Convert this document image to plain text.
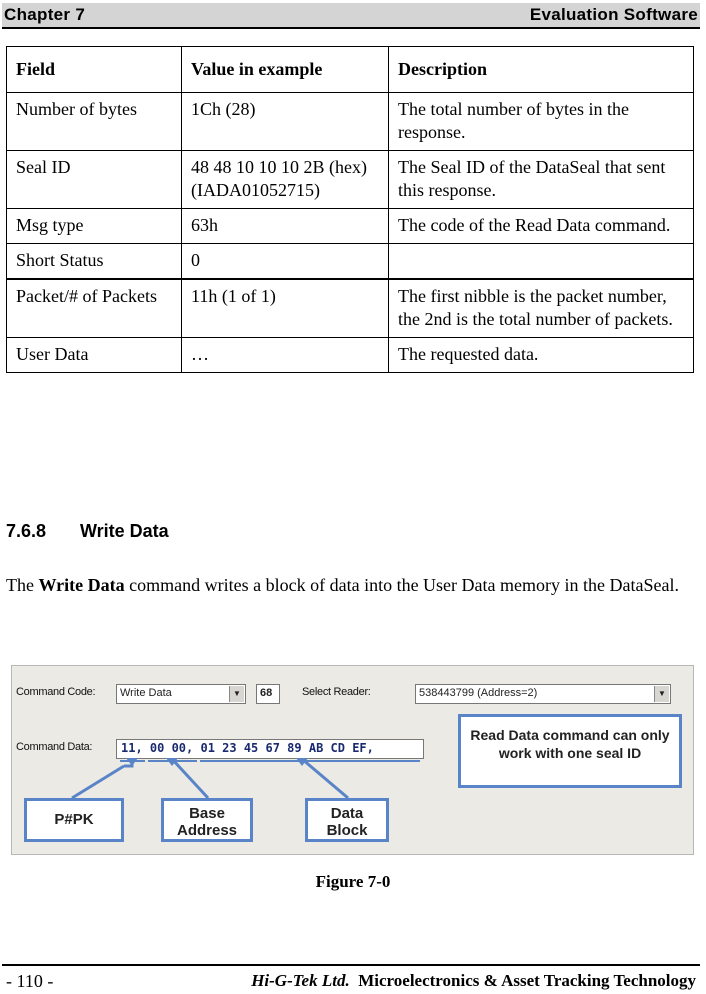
Chapter 7	Evaluation Software
Field	Value in example	Description
Number of bytes	1Ch (28)	The total number of bytes in the response.
Seal ID	48 48 10 10 10 2B (hex) (IADA01052715)	The Seal ID of the DataSeal that sent this response.
Msg type	63h	The code of the Read Data command.
Short Status	0	
Packet/# of Packets	11h (1 of 1)	The first nibble is the packet number, the 2nd is the total number of packets.
User Data	…	The requested data.
7.6.8 Write Data
The Write Data command writes a block of data into the User Data memory in the DataSeal.
Command Code:	Write Data	▼	68	Select Reader:	538443799 (Address=2)	▼
Command Data:	11, 00 00, 01 23 45 67 89 AB CD EF,
Read Data command can only work with one seal ID
P#PK	Base Address
Data Block
Figure 7-0
- 110 -	Hi-G-Tek Ltd. Microelectronics & Asset Tracking Technology
